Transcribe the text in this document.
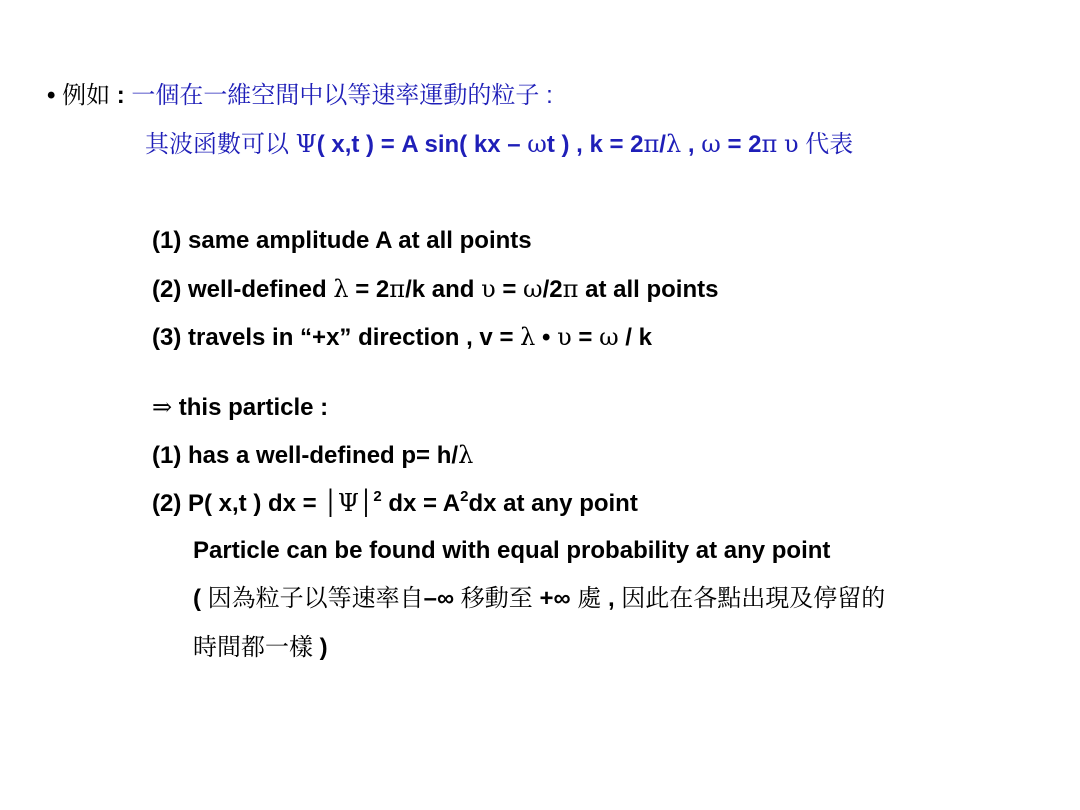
• 例如 : 一個在一維空間中以等速率運動的粒子 :
其波函數可以 Ψ( x,t ) = A sin( kx – ωt ) , k = 2π/λ , ω = 2π υ 代表
(1) same amplitude A at all points
(2) well-defined λ = 2π/k and υ = ω/2π at all points
(3) travels in “+x” direction , v = λ • υ = ω / k
⇒ this particle :
(1) has a well-defined p= h/λ
(2) P( x,t ) dx = │Ψ│$^2$ dx = $A^2dx$ at any point
Particle can be found with equal probability at any point
( 因為粒子以等速率自–∞ 移動至 +∞ 處 , 因此在各點出現及停留的
時間都一樣 )
